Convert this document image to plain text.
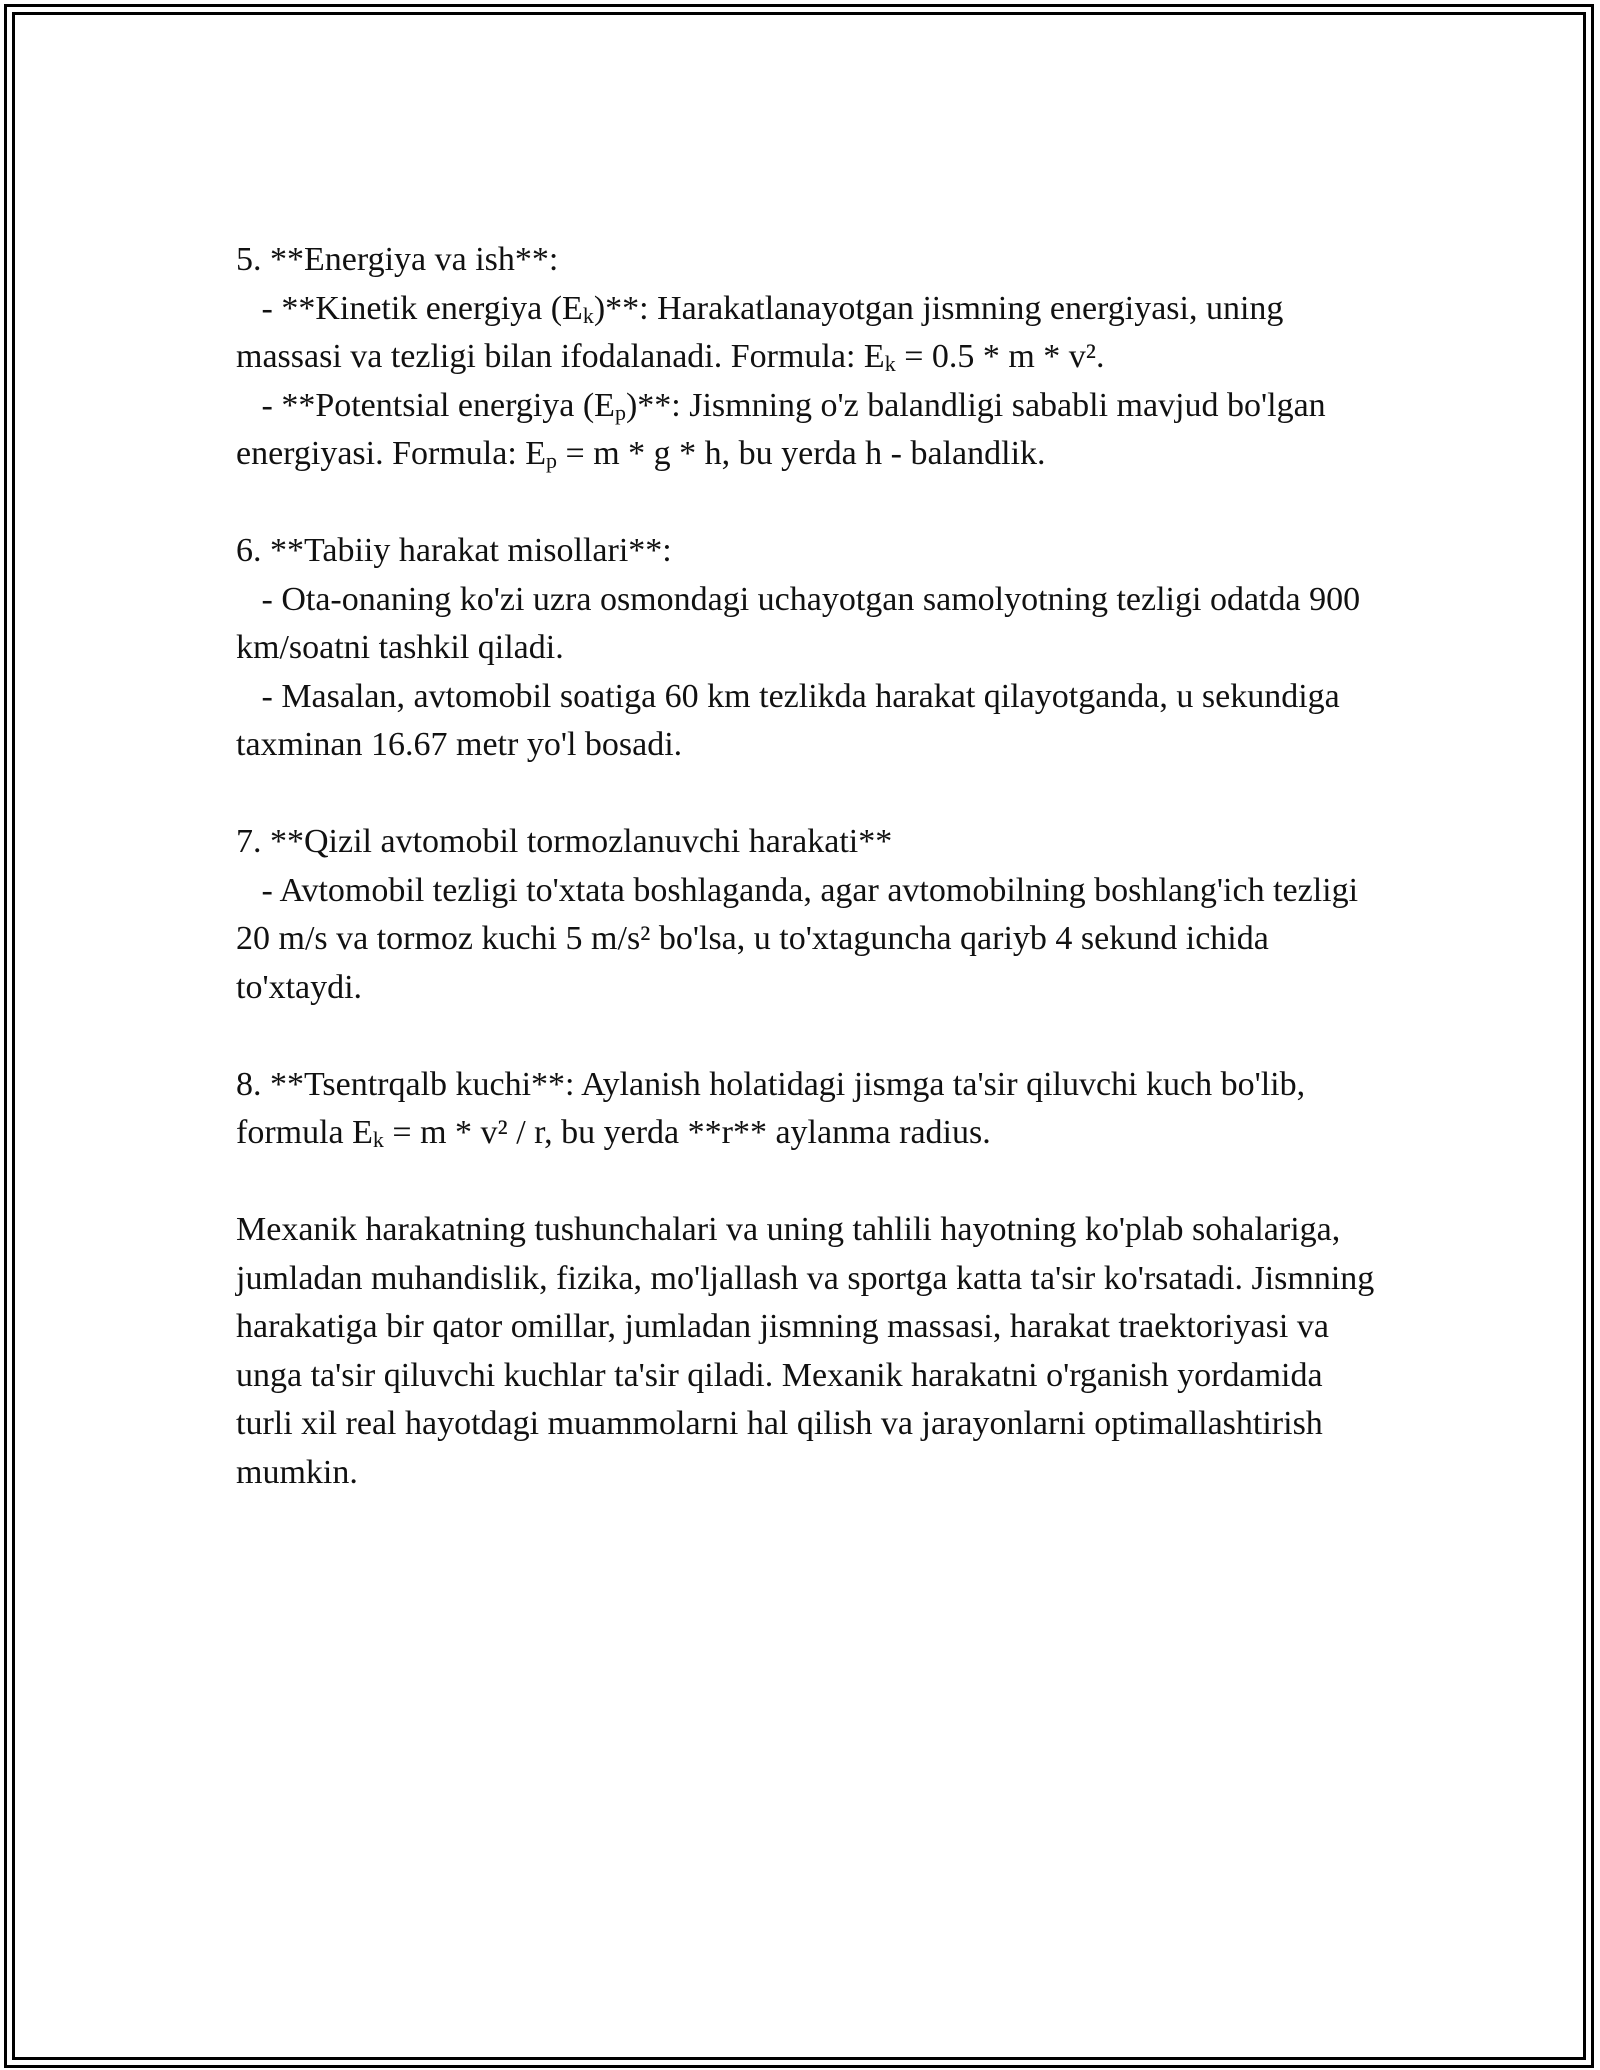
5. **Energiya va ish**:

- **Kinetik energiya $(E_k)**$: Harakatlanayotgan jismning energiyasi, uning massasi va tezligi bilan ifodalanadi. Formula: $E_k = 0.5 * m * v^2$.

- **Potentsial energiya $(E_p)**$: Jismning o'z balandligi sababli mavjud bo'lgan energiyasi. Formula: $E_p = m * g * h$, bu yerda h - balandlik.

6. **Tabiiy harakat misollari**:

- Ota-onaning ko'zi uzra osmondagi uchayotgan samolyotning tezligi odatda 900 km/soatni tashkil qiladi.

- Masalan, avtomobil soatiga 60 km tezlikda harakat qilayotganda, u sekundiga taxminan 16.67 metr yo'l bosadi.

7. **Qizil avtomobil tormozlanuvchi harakati**

- Avtomobil tezligi to'xtata boshlaganda, agar avtomobilning boshlang'ich tezligi 20 m/s va tormoz kuchi 5 m/s² bo'lsa, u to'xtaguncha qariyb 4 sekund ichida to'xtaydi.

8. **Tsentrqalb kuchi**: Aylanish holatidagi jismga ta'sir qiluvchi kuch bo'lib, formula $E_k = m * v^2 / r$, bu yerda **r** aylanma radius.

Mexanik harakatning tushunchalari va uning tahlili hayotning ko'plab sohalariga, jumladan muhandislik, fizika, mo'ljallash va sportga katta ta'sir ko'rsatadi. Jismning harakatiga bir qator omillar, jumladan jismning massasi, harakat traektoriyasi va unga ta'sir qiluvchi kuchlar ta'sir qiladi. Mexanik harakatni o'rganish yordamida turli xil real hayotdagi muammolarni hal qilish va jarayonlarni optimallashtirish mumkin.
